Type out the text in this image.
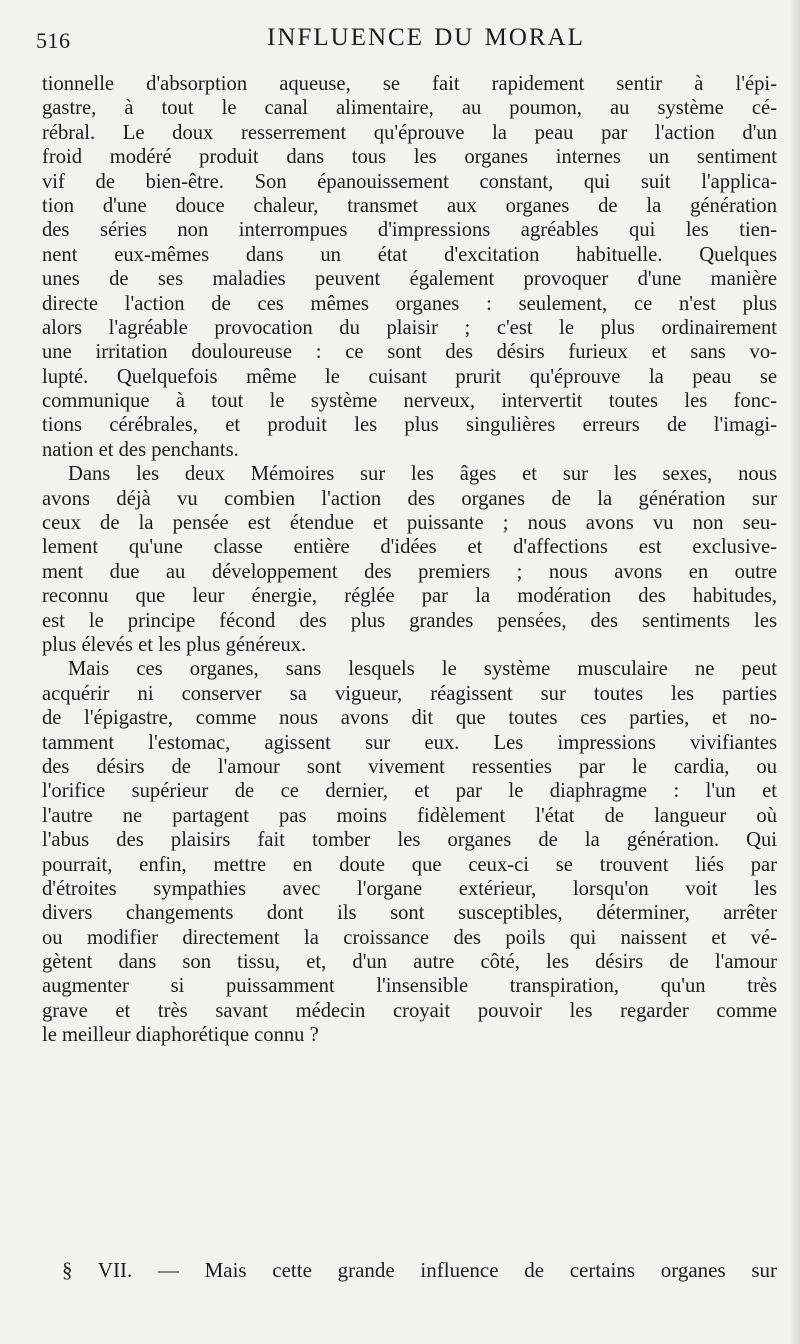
516	INFLUENCE DU MORAL
tionnelle d'absorption aqueuse, se fait rapidement sentir à l'épi-
gastre, à tout le canal alimentaire, au poumon, au système cé-
rébral. Le doux resserrement qu'éprouve la peau par l'action d'un
froid modéré produit dans tous les organes internes un sentiment
vif de bien-être. Son épanouissement constant, qui suit l'applica-
tion d'une douce chaleur, transmet aux organes de la génération
des séries non interrompues d'impressions agréables qui les tien-
nent eux-mêmes dans un état d'excitation habituelle. Quelques
unes de ses maladies peuvent également provoquer d'une manière
directe l'action de ces mêmes organes : seulement, ce n'est plus
alors l'agréable provocation du plaisir ; c'est le plus ordinairement
une irritation douloureuse : ce sont des désirs furieux et sans vo-
lupté. Quelquefois même le cuisant prurit qu'éprouve la peau se
communique à tout le système nerveux, intervertit toutes les fonc-
tions cérébrales, et produit les plus singulières erreurs de l'imagi-
nation et des penchants.
Dans les deux Mémoires sur les âges et sur les sexes, nous
avons déjà vu combien l'action des organes de la génération sur
ceux de la pensée est étendue et puissante ; nous avons vu non seu-
lement qu'une classe entière d'idées et d'affections est exclusive-
ment due au développement des premiers ; nous avons en outre
reconnu que leur énergie, réglée par la modération des habitudes,
est le principe fécond des plus grandes pensées, des sentiments les
plus élevés et les plus généreux.
Mais ces organes, sans lesquels le système musculaire ne peut
acquérir ni conserver sa vigueur, réagissent sur toutes les parties
de l'épigastre, comme nous avons dit que toutes ces parties, et no-
tamment l'estomac, agissent sur eux. Les impressions vivifiantes
des désirs de l'amour sont vivement ressenties par le cardia, ou
l'orifice supérieur de ce dernier, et par le diaphragme : l'un et
l'autre ne partagent pas moins fidèlement l'état de langueur où
l'abus des plaisirs fait tomber les organes de la génération. Qui
pourrait, enfin, mettre en doute que ceux-ci se trouvent liés par
d'étroites sympathies avec l'organe extérieur, lorsqu'on voit les
divers changements dont ils sont susceptibles, déterminer, arrêter
ou modifier directement la croissance des poils qui naissent et vé-
gètent dans son tissu, et, d'un autre côté, les désirs de l'amour
augmenter si puissamment l'insensible transpiration, qu'un très
grave et très savant médecin croyait pouvoir les regarder comme
le meilleur diaphorétique connu ?
§ VII. — Mais cette grande influence de certains organes sur
